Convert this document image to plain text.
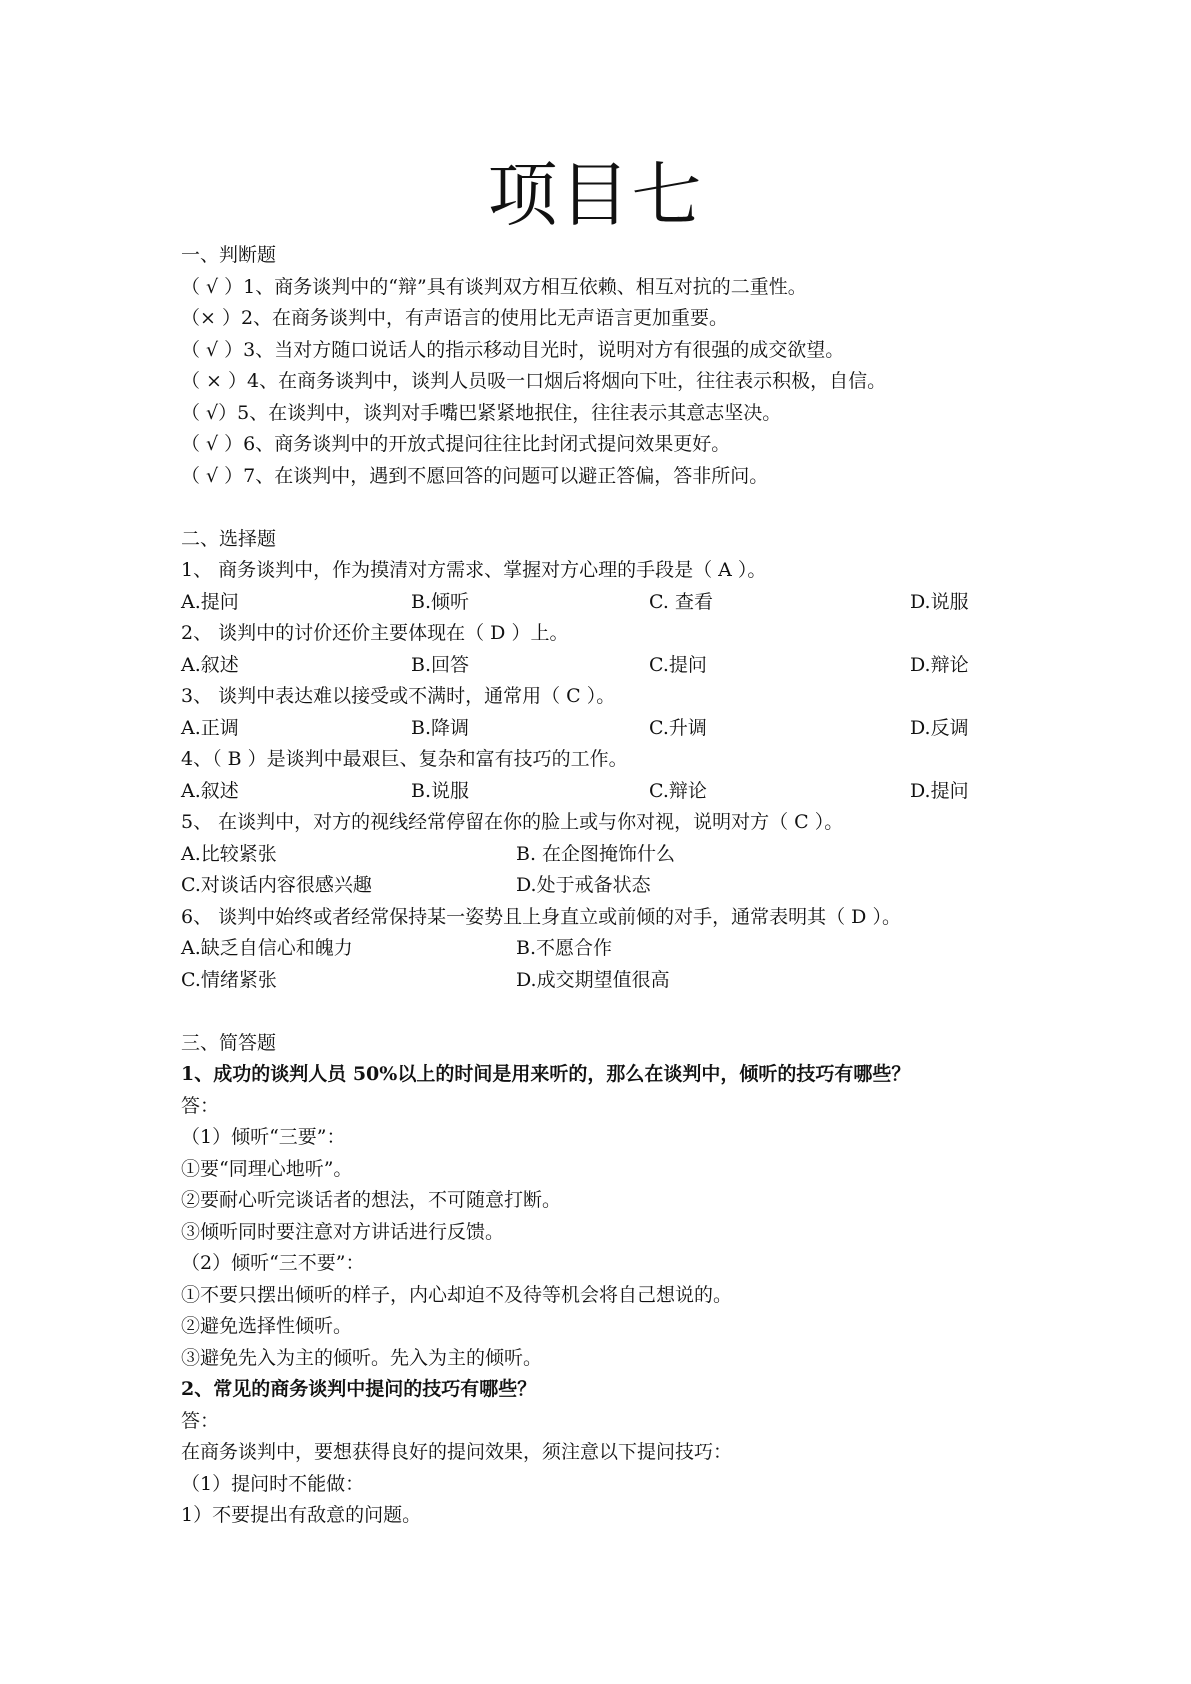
项目七
一、判断题
（ √ ）1、商务谈判中的“辩”具有谈判双方相互依赖、相互对抗的二重性。
（× ）2、在商务谈判中，有声语言的使用比无声语言更加重要。
（ √ ）3、当对方随口说话人的指示移动目光时，说明对方有很强的成交欲望。
（ × ）4、在商务谈判中，谈判人员吸一口烟后将烟向下吐，往往表示积极，自信。
（ √）5、在谈判中，谈判对手嘴巴紧紧地抿住，往往表示其意志坚决。
（ √ ）6、商务谈判中的开放式提问往往比封闭式提问效果更好。
（ √ ）7、在谈判中，遇到不愿回答的问题可以避正答偏，答非所问。
二、选择题
1、 商务谈判中，作为摸清对方需求、掌握对方心理的手段是（ A ）。
A.提问	B.倾听	C. 查看	D.说服
2、 谈判中的讨价还价主要体现在（ D ）上。
A.叙述	B.回答	C.提问	D.辩论
3、 谈判中表达难以接受或不满时，通常用（ C ）。
A.正调	B.降调	C.升调	D.反调
4、（ B ）是谈判中最艰巨、复杂和富有技巧的工作。
A.叙述	B.说服	C.辩论	D.提问
5、 在谈判中，对方的视线经常停留在你的脸上或与你对视，说明对方（ C ）。
A.比较紧张	B. 在企图掩饰什么
C.对谈话内容很感兴趣	D.处于戒备状态
6、 谈判中始终或者经常保持某一姿势且上身直立或前倾的对手，通常表明其（ D ）。
A.缺乏自信心和魄力	B.不愿合作
C.情绪紧张	D.成交期望值很高
三、简答题
1、成功的谈判人员 50%以上的时间是用来听的，那么在谈判中，倾听的技巧有哪些？
答：
（1）倾听“三要”：
①要“同理心地听”。
②要耐心听完谈话者的想法，不可随意打断。
③倾听同时要注意对方讲话进行反馈。
（2）倾听“三不要”：
①不要只摆出倾听的样子，内心却迫不及待等机会将自己想说的。
②避免选择性倾听。
③避免先入为主的倾听。先入为主的倾听。
2、常见的商务谈判中提问的技巧有哪些？
答：
在商务谈判中，要想获得良好的提问效果，须注意以下提问技巧：
（1）提问时不能做：
1）不要提出有敌意的问题。
